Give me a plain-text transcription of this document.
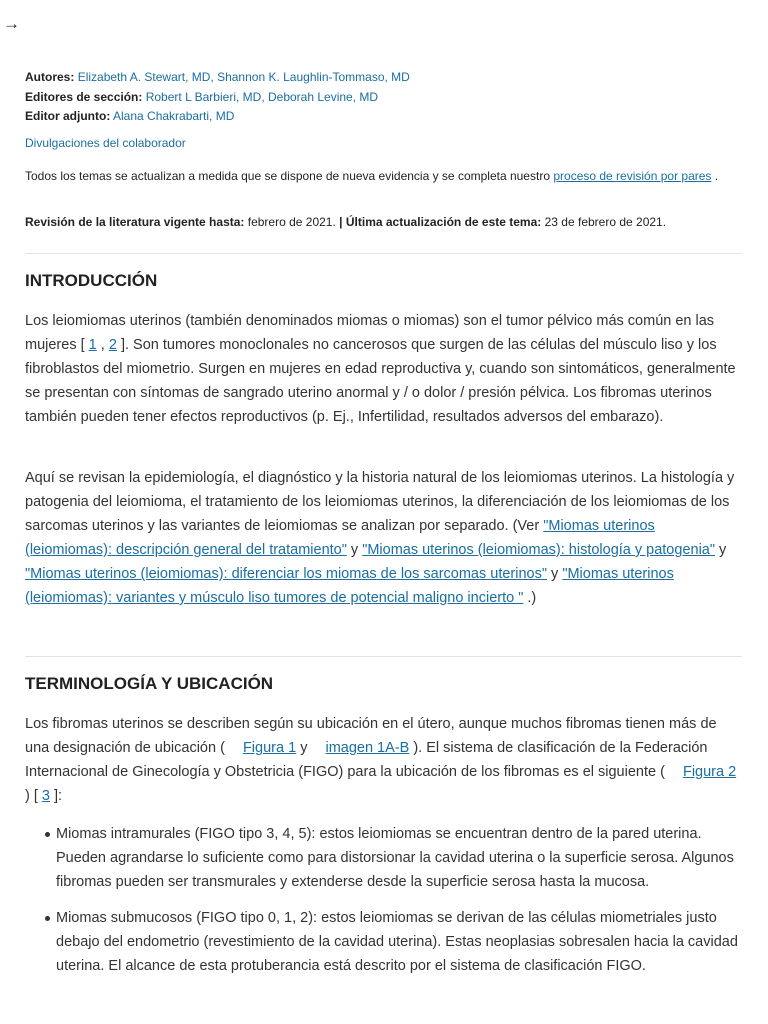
→
Autores: Elizabeth A. Stewart, MD, Shannon K. Laughlin-Tommaso, MD
Editores de sección: Robert L Barbieri, MD, Deborah Levine, MD
Editor adjunto: Alana Chakrabarti, MD
Divulgaciones del colaborador
Todos los temas se actualizan a medida que se dispone de nueva evidencia y se completa nuestro proceso de revisión por pares .
Revisión de la literatura vigente hasta: febrero de 2021. | Última actualización de este tema: 23 de febrero de 2021.
INTRODUCCIÓN

Los leiomiomas uterinos (también denominados miomas o miomas) son el tumor pélvico más común en las mujeres [ 1 , 2 ]. Son tumores monoclonales no cancerosos que surgen de las células del músculo liso y los fibroblastos del miometrio. Surgen en mujeres en edad reproductiva y, cuando son sintomáticos, generalmente se presentan con síntomas de sangrado uterino anormal y / o dolor / presión pélvica. Los fibromas uterinos también pueden tener efectos reproductivos (p. Ej., Infertilidad, resultados adversos del embarazo).

Aquí se revisan la epidemiología, el diagnóstico y la historia natural de los leiomiomas uterinos. La histología y patogenia del leiomioma, el tratamiento de los leiomiomas uterinos, la diferenciación de los leiomiomas de los sarcomas uterinos y las variantes de leiomiomas se analizan por separado. (Ver "Miomas uterinos (leiomiomas): descripción general del tratamiento" y "Miomas uterinos (leiomiomas): histología y patogenia" y "Miomas uterinos (leiomiomas): diferenciar los miomas de los sarcomas uterinos" y "Miomas uterinos (leiomiomas): variantes y músculo liso tumores de potencial maligno incierto " .)

TERMINOLOGÍA Y UBICACIÓN

Los fibromas uterinos se describen según su ubicación en el útero, aunque muchos fibromas tienen más de una designación de ubicación ( Figura 1 y imagen 1A-B ). El sistema de clasificación de la Federación Internacional de Ginecología y Obstetricia (FIGO) para la ubicación de los fibromas es el siguiente ( Figura 2 ) [ 3 ]:

Miomas intramurales (FIGO tipo 3, 4, 5): estos leiomiomas se encuentran dentro de la pared uterina. Pueden agrandarse lo suficiente como para distorsionar la cavidad uterina o la superficie serosa. Algunos fibromas pueden ser transmurales y extenderse desde la superficie serosa hasta la mucosa.
Miomas submucosos (FIGO tipo 0, 1, 2): estos leiomiomas se derivan de las células miometriales justo debajo del endometrio (revestimiento de la cavidad uterina). Estas neoplasias sobresalen hacia la cavidad uterina. El alcance de esta protuberancia está descrito por el sistema de clasificación FIGO.
